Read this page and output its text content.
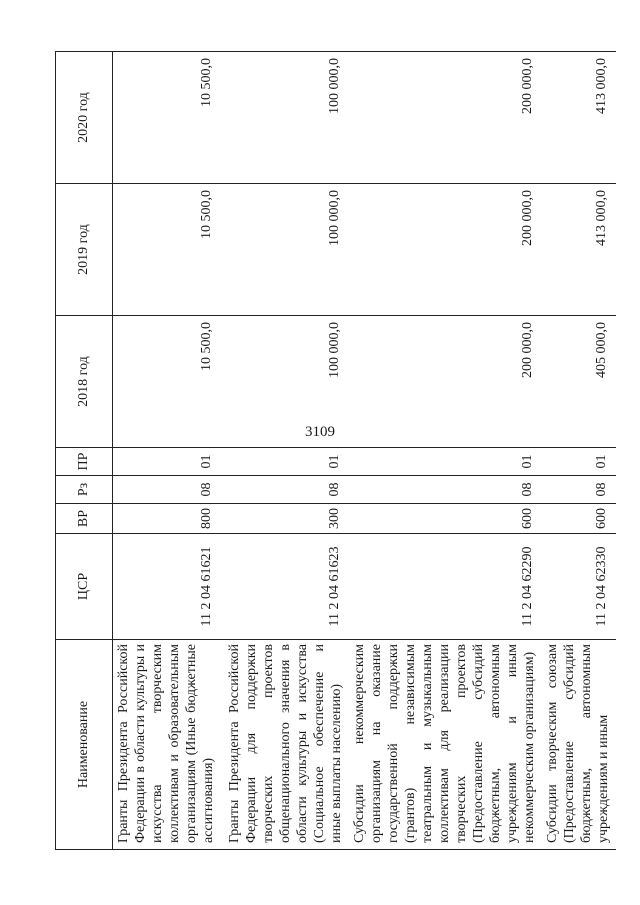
3109
Наименование	ЦСР	ВР	Рз	ПР	2018 год	2019 год	2020 год
Гранты Президента Российской Федерации в области культуры и искусства творческим коллективам и образовательным организациям (Иные бюджетные ассигнования)	11 2 04 61621	800	08	01	10 500,0	10 500,0	10 500,0
Гранты Президента Российской Федерации для поддержки творческих проектов общенационального значения в области культуры и искусства (Социальное обеспечение и иные выплаты населению)	11 2 04 61623	300	08	01	100 000,0	100 000,0	100 000,0
Субсидии некоммерческим организациям на оказание государственной поддержки (грантов) независимым театральным и музыкальным коллективам для реализации творческих проектов (Предоставление субсидий бюджетным, автономным учреждениям и иным некоммерческим организациям)	11 2 04 62290	600	08	01	200 000,0	200 000,0	200 000,0
Субсидии творческим союзам (Предоставление субсидий бюджетным, автономным учреждениям и иным	11 2 04 62330	600	08	01	405 000,0	413 000,0	413 000,0
